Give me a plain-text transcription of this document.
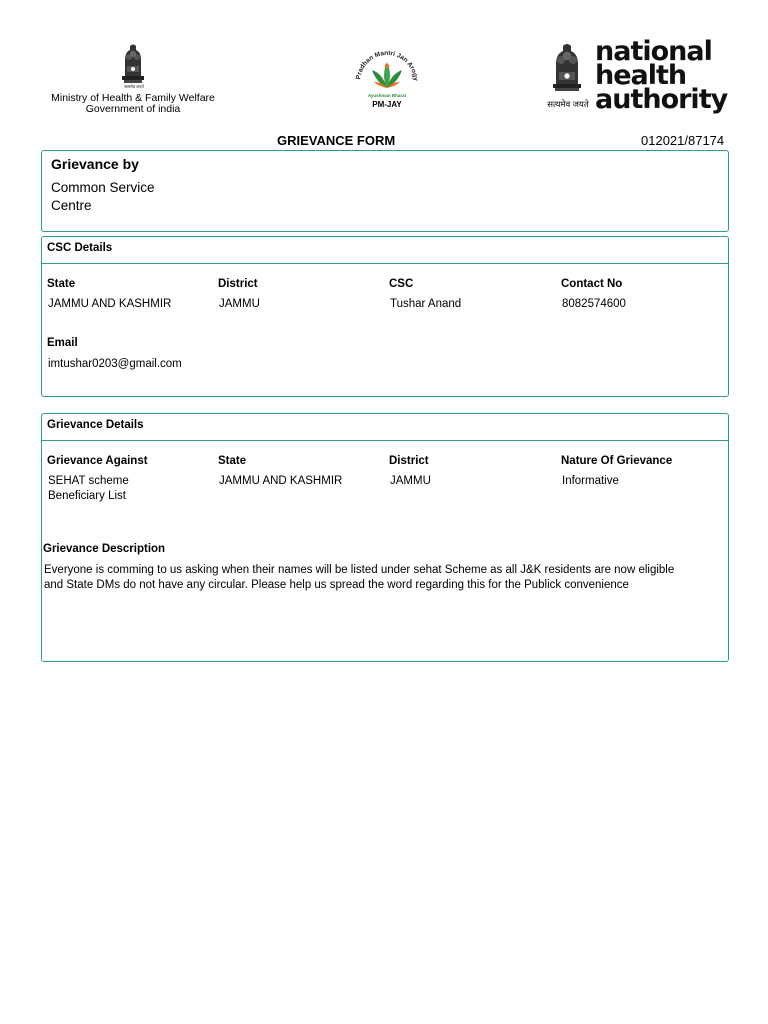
सत्यमेव जयते
Ministry of Health & Family Welfare
Government of india
Pradhan Mantri Jan Arogy
Ayushman Bharat
PM-JAY	सत्यमेव जयते
national
health
authority
GRIEVANCE FORM	012021/87174
Grievance by
Common Service
Centre
CSC Details
State
JAMMU AND KASHMIR
District
JAMMU
CSC
Tushar Anand
Contact No
8082574600
Email
imtushar0203@gmail.com
Grievance Details
Grievance Against
SEHAT scheme
Beneficiary List
State
JAMMU AND KASHMIR
District
JAMMU
Nature Of Grievance
Informative
Grievance Description
Everyone is comming to us asking when their names will be listed under sehat Scheme as all J&K residents are now eligible
and State DMs do not have any circular. Please help us spread the word regarding this for the Publick convenience
